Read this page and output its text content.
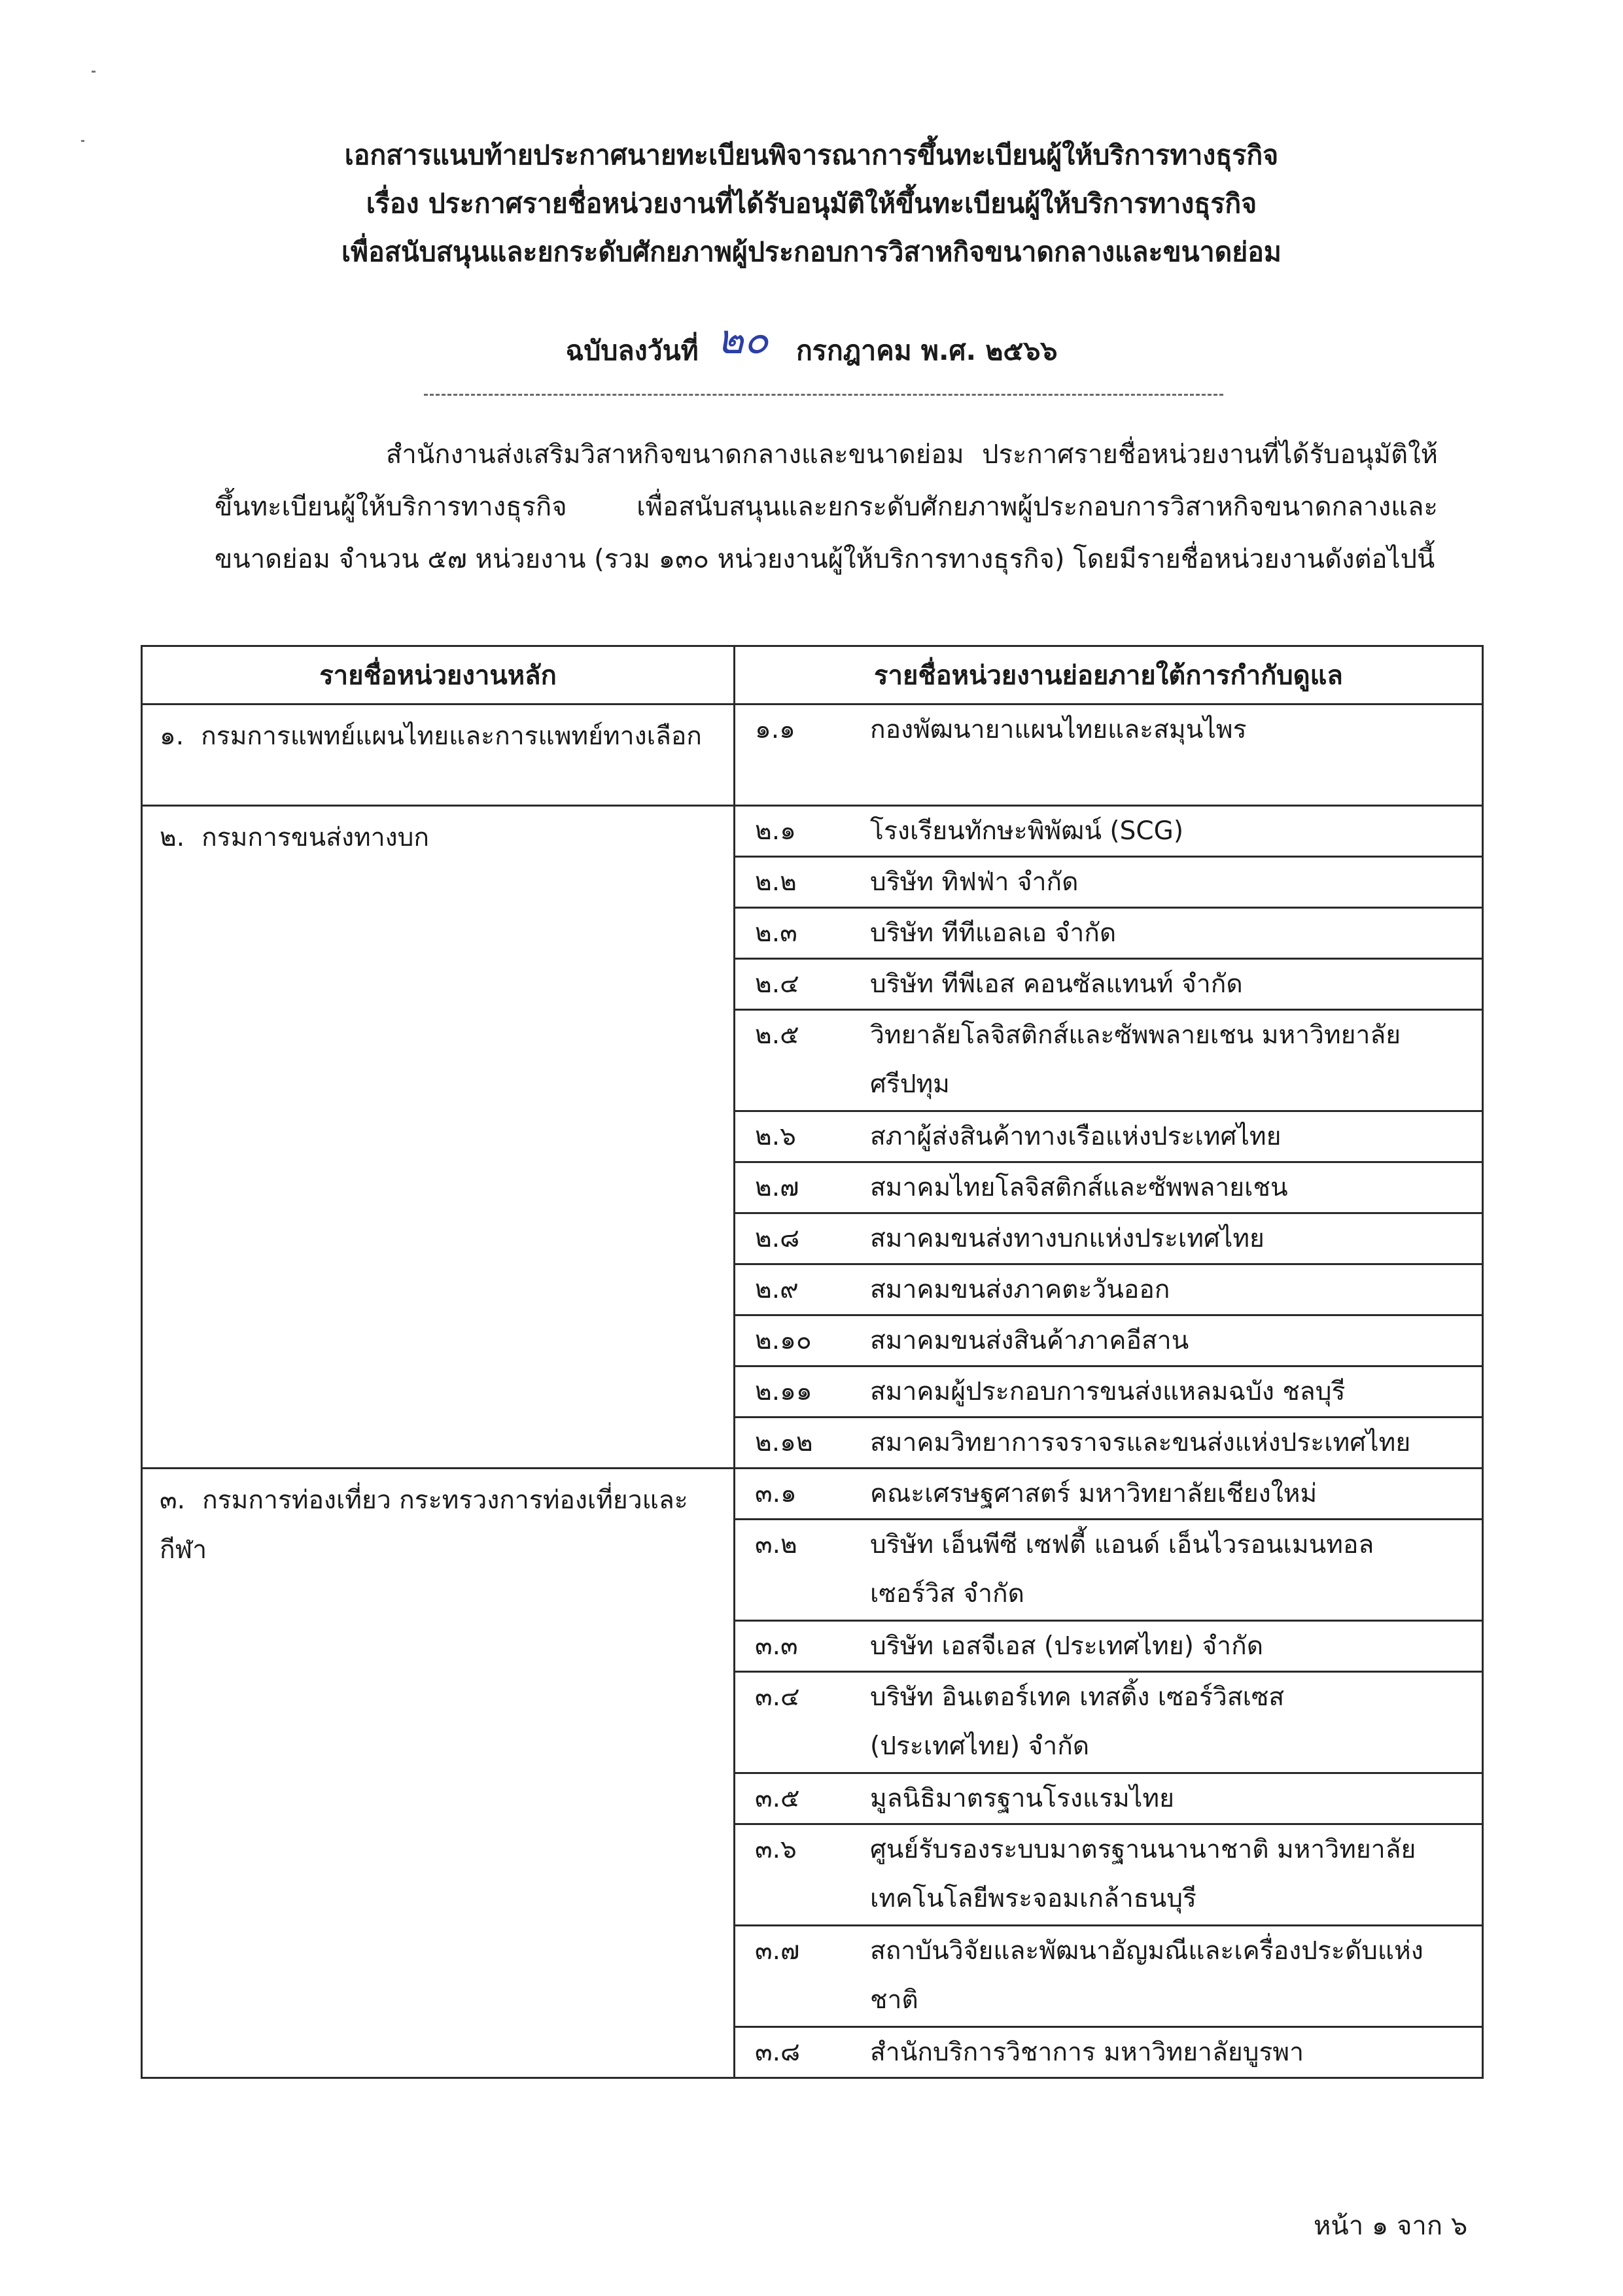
เอกสารแนบท้ายประกาศนายทะเบียนพิจารณาการขึ้นทะเบียนผู้ให้บริการทางธุรกิจ
เรื่อง ประกาศรายชื่อหน่วยงานที่ได้รับอนุมัติให้ขึ้นทะเบียนผู้ให้บริการทางธุรกิจ
เพื่อสนับสนุนและยกระดับศักยภาพผู้ประกอบการวิสาหกิจขนาดกลางและขนาดย่อม
ฉบับลงวันที่ ๒๐ กรกฎาคม พ.ศ. ๒๕๖๖

สำนักงานส่งเสริมวิสาหกิจขนาดกลางและขนาดย่อม ประกาศรายชื่อหน่วยงานที่ได้รับอนุมัติให้ขึ้นทะเบียนผู้ให้บริการทางธุรกิจ เพื่อสนับสนุนและยกระดับศักยภาพผู้ประกอบการวิสาหกิจขนาดกลางและขนาดย่อม จำนวน ๕๗ หน่วยงาน (รวม ๑๓๐ หน่วยงานผู้ให้บริการทางธุรกิจ) โดยมีรายชื่อหน่วยงานดังต่อไปนี้

รายชื่อหน่วยงานหลัก	รายชื่อหน่วยงานย่อยภายใต้การกำกับดูแล
๑. กรมการแพทย์แผนไทยและการแพทย์ทางเลือก	๑.๑ กองพัฒนายาแผนไทยและสมุนไพร
๒. กรมการขนส่งทางบก	๒.๑ โรงเรียนทักษะพิพัฒน์ (SCG)
	๒.๒ บริษัท ทิฟฟ่า จำกัด
	๒.๓ บริษัท ทีทีแอลเอ จำกัด
	๒.๔ บริษัท ทีพีเอส คอนซัลแทนท์ จำกัด
	๒.๕ วิทยาลัยโลจิสติกส์และซัพพลายเชน มหาวิทยาลัยศรีปทุม
	๒.๖ สภาผู้ส่งสินค้าทางเรือแห่งประเทศไทย
	๒.๗ สมาคมไทยโลจิสติกส์และซัพพลายเชน
	๒.๘ สมาคมขนส่งทางบกแห่งประเทศไทย
	๒.๙ สมาคมขนส่งภาคตะวันออก
	๒.๑๐ สมาคมขนส่งสินค้าภาคอีสาน
	๒.๑๑ สมาคมผู้ประกอบการขนส่งแหลมฉบัง ชลบุรี
	๒.๑๒ สมาคมวิทยาการจราจรและขนส่งแห่งประเทศไทย
๓. กรมการท่องเที่ยว กระทรวงการท่องเที่ยวและกีฬา	๓.๑ คณะเศรษฐศาสตร์ มหาวิทยาลัยเชียงใหม่
	๓.๒ บริษัท เอ็นพีซี เซฟตี้ แอนด์ เอ็นไวรอนเมนทอล เซอร์วิส จำกัด
	๓.๓ บริษัท เอสจีเอส (ประเทศไทย) จำกัด
	๓.๔ บริษัท อินเตอร์เทค เทสติ้ง เซอร์วิสเซส (ประเทศไทย) จำกัด
	๓.๕ มูลนิธิมาตรฐานโรงแรมไทย
	๓.๖ ศูนย์รับรองระบบมาตรฐานนานาชาติ มหาวิทยาลัยเทคโนโลยีพระจอมเกล้าธนบุรี
	๓.๗ สถาบันวิจัยและพัฒนาอัญมณีและเครื่องประดับแห่งชาติ
	๓.๘ สำนักบริการวิชาการ มหาวิทยาลัยบูรพา
หน้า ๑ จาก ๖
